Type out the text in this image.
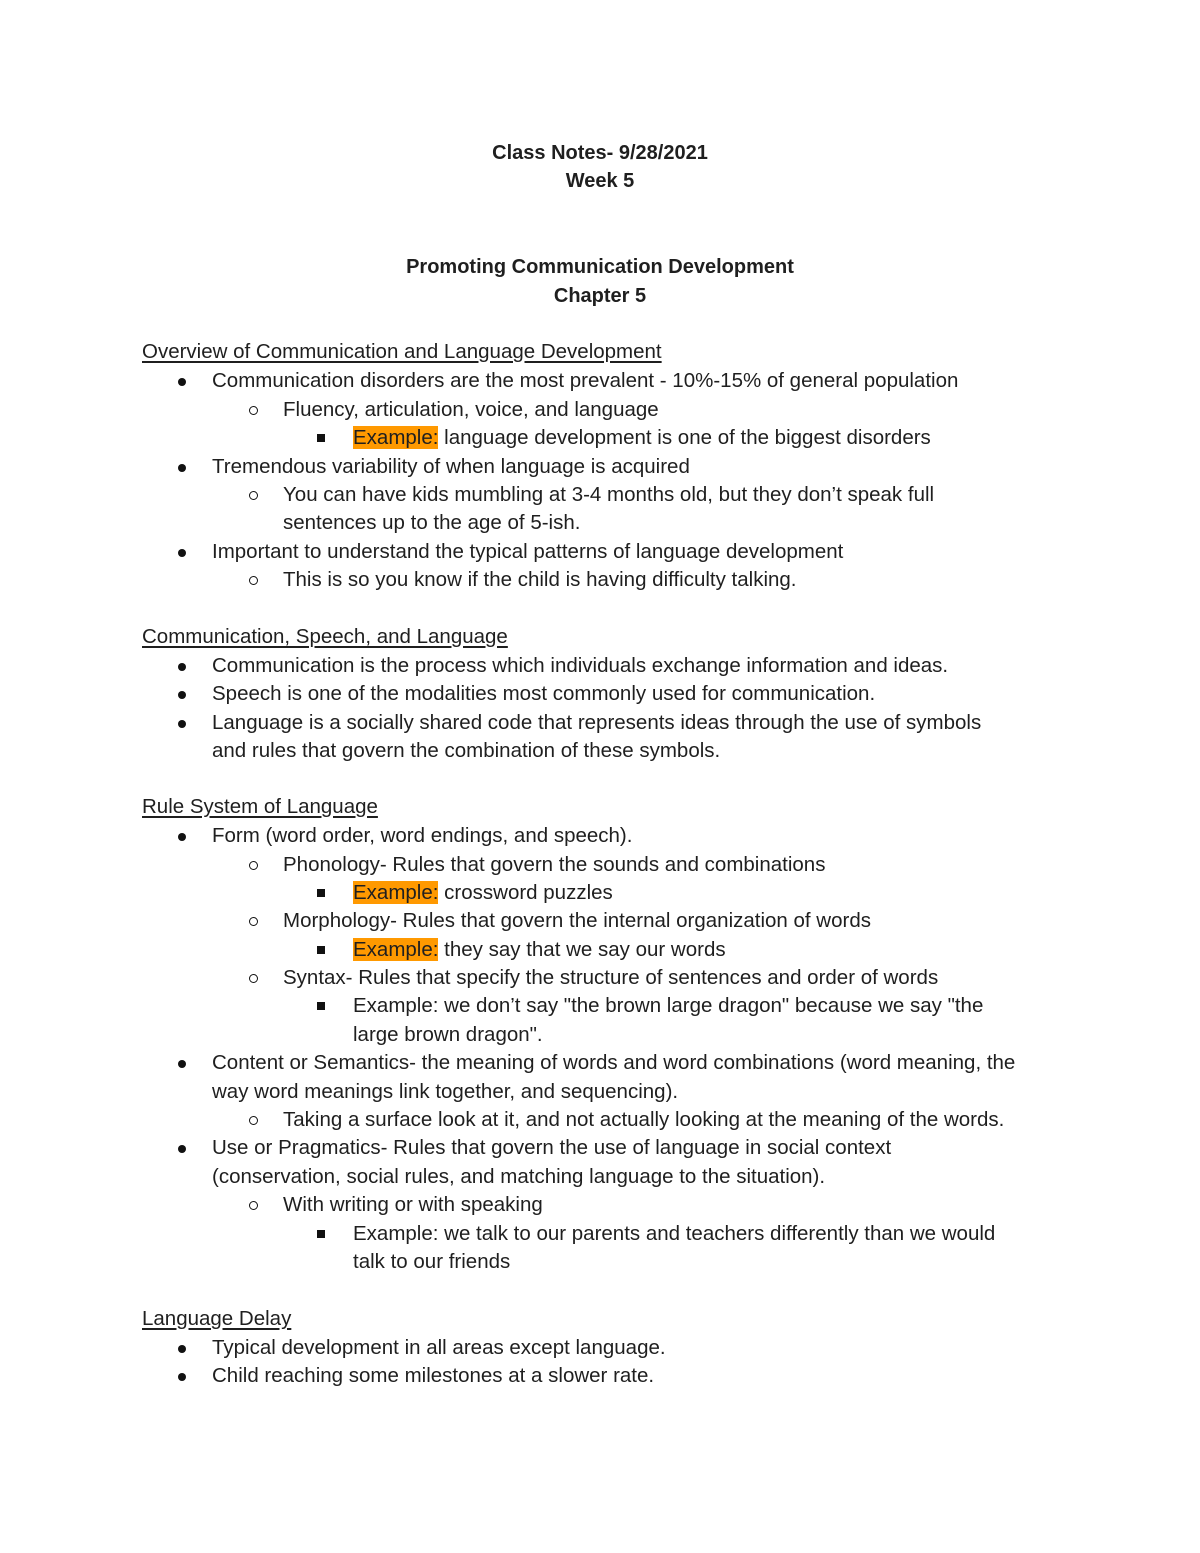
Class Notes- 9/28/2021
Week 5
Promoting Communication Development
Chapter 5
Overview of Communication and Language Development
Communication disorders are the most prevalent - 10%-15% of general population
Fluency, articulation, voice, and language
Example: language development is one of the biggest disorders
Tremendous variability of when language is acquired
You can have kids mumbling at 3-4 months old, but they don’t speak full
sentences up to the age of 5-ish.
Important to understand the typical patterns of language development
This is so you know if the child is having difficulty talking.
Communication, Speech, and Language
Communication is the process which individuals exchange information and ideas.
Speech is one of the modalities most commonly used for communication.
Language is a socially shared code that represents ideas through the use of symbols
and rules that govern the combination of these symbols.
Rule System of Language
Form (word order, word endings, and speech).
Phonology- Rules that govern the sounds and combinations
Example: crossword puzzles
Morphology- Rules that govern the internal organization of words
Example: they say that we say our words
Syntax- Rules that specify the structure of sentences and order of words
Example: we don’t say "the brown large dragon" because we say "the
large brown dragon".
Content or Semantics- the meaning of words and word combinations (word meaning, the
way word meanings link together, and sequencing).
Taking a surface look at it, and not actually looking at the meaning of the words.
Use or Pragmatics- Rules that govern the use of language in social context
(conservation, social rules, and matching language to the situation).
With writing or with speaking
Example: we talk to our parents and teachers differently than we would
talk to our friends
Language Delay
Typical development in all areas except language.
Child reaching some milestones at a slower rate.
